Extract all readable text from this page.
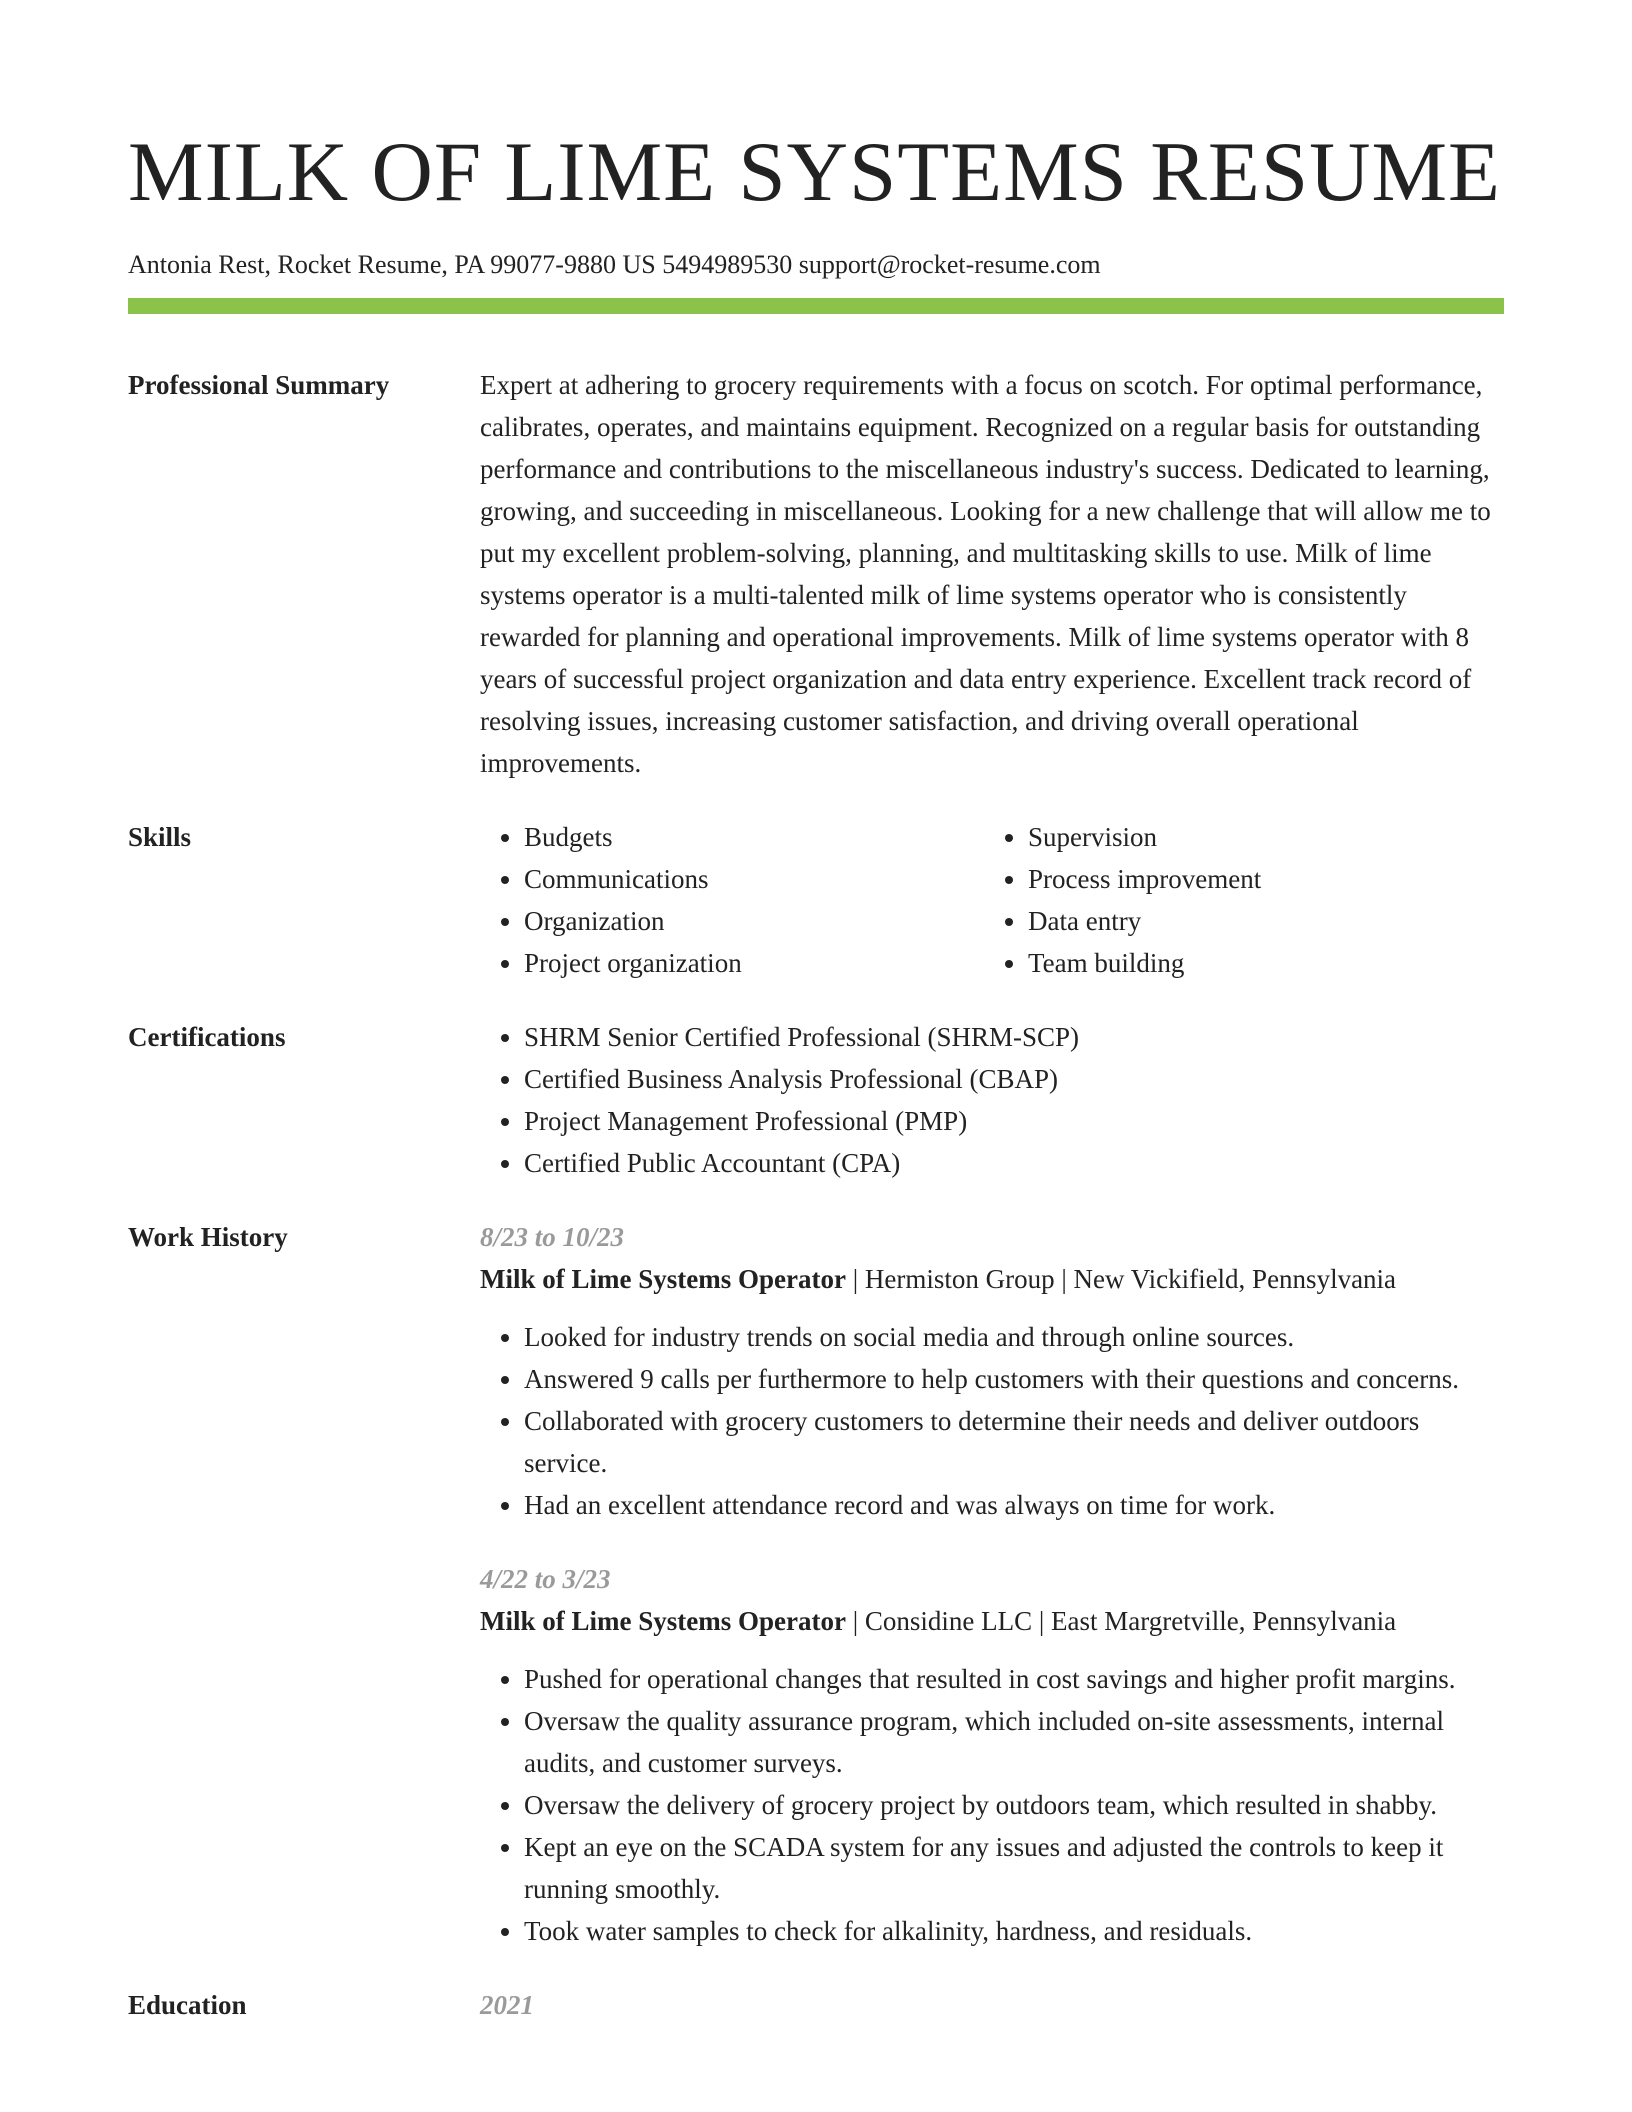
MILK OF LIME SYSTEMS RESUME
Antonia Rest, Rocket Resume, PA 99077-9880 US 5494989530 support@rocket-resume.com
Professional Summary	Expert at adhering to grocery requirements with a focus on scotch. For optimal performance, calibrates, operates, and maintains equipment. Recognized on a regular basis for outstanding performance and contributions to the miscellaneous industry's success. Dedicated to learning, growing, and succeeding in miscellaneous. Looking for a new challenge that will allow me to put my excellent problem-solving, planning, and multitasking skills to use. Milk of lime systems operator is a multi-talented milk of lime systems operator who is consistently rewarded for planning and operational improvements. Milk of lime systems operator with 8 years of successful project organization and data entry experience. Excellent track record of resolving issues, increasing customer satisfaction, and driving overall operational improvements.

Skills	• Budgets
• Communications
• Organization
• Project organization
• Supervision
• Process improvement
• Data entry
• Team building
Certifications	• SHRM Senior Certified Professional (SHRM-SCP)
• Certified Business Analysis Professional (CBAP)
• Project Management Professional (PMP)
• Certified Public Accountant (CPA)
Work History	8/23 to 10/23
Milk of Lime Systems Operator | Hermiston Group | New Vickifield, Pennsylvania
• Looked for industry trends on social media and through online sources.
• Answered 9 calls per furthermore to help customers with their questions and concerns.
• Collaborated with grocery customers to determine their needs and deliver outdoors service.
• Had an excellent attendance record and was always on time for work.
4/22 to 3/23
Milk of Lime Systems Operator | Considine LLC | East Margretville, Pennsylvania
• Pushed for operational changes that resulted in cost savings and higher profit margins.
• Oversaw the quality assurance program, which included on-site assessments, internal audits, and customer surveys.
• Oversaw the delivery of grocery project by outdoors team, which resulted in shabby.
• Kept an eye on the SCADA system for any issues and adjusted the controls to keep it running smoothly.
• Took water samples to check for alkalinity, hardness, and residuals.
Education	2021
